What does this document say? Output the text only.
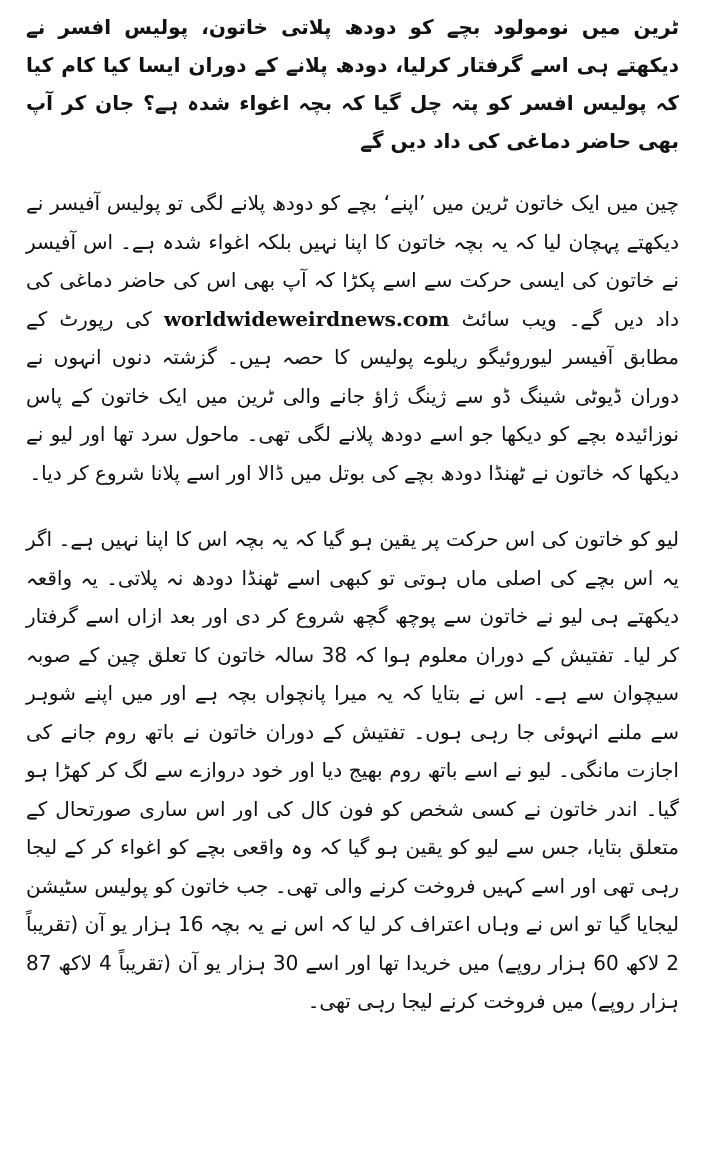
ٹرین میں نومولود بچے کو دودھ پلاتی خاتون، پولیس افسر نے دیکھتے ہی اسے گرفتار کرلیا، دودھ پلانے کے دوران ایسا کیا کام کیا کہ پولیس افسر کو پتہ چل گیا کہ بچہ اغواء شدہ ہے؟ جان کر آپ بھی حاضر دماغی کی داد دیں گے

چین میں ایک خاتون ٹرین میں ’اپنے‘ بچے کو دودھ پلانے لگی تو پولیس آفیسر نے دیکھتے پہچان لیا کہ یہ بچہ خاتون کا اپنا نہیں بلکہ اغواء شدہ ہے۔ اس آفیسر نے خاتون کی ایسی حرکت سے اسے پکڑا کہ آپ بھی اس کی حاضر دماغی کی داد دیں گے۔ ویب سائٹ worldwideweirdnews.com کی رپورٹ کے مطابق آفیسر لیوروئیگو ریلوے پولیس کا حصہ ہیں۔ گزشتہ دنوں انہوں نے دوران ڈیوٹی شینگ ڈو سے ژینگ ژاؤ جانے والی ٹرین میں ایک خاتون کے پاس نوزائیدہ بچے کو دیکھا جو اسے دودھ پلانے لگی تھی۔ ماحول سرد تھا اور لیو نے دیکھا کہ خاتون نے ٹھنڈا دودھ بچے کی بوتل میں ڈالا اور اسے پلانا شروع کر دیا۔

لیو کو خاتون کی اس حرکت پر یقین ہو گیا کہ یہ بچہ اس کا اپنا نہیں ہے۔ اگر یہ اس بچے کی اصلی ماں ہوتی تو کبھی اسے ٹھنڈا دودھ نہ پلاتی۔ یہ واقعہ دیکھتے ہی لیو نے خاتون سے پوچھ گچھ شروع کر دی اور بعد ازاں اسے گرفتار کر لیا۔ تفتیش کے دوران معلوم ہوا کہ 38 سالہ خاتون کا تعلق چین کے صوبہ سیچوان سے ہے۔ اس نے بتایا کہ یہ میرا پانچواں بچہ ہے اور میں اپنے شوہر سے ملنے انہوئی جا رہی ہوں۔ تفتیش کے دوران خاتون نے باتھ روم جانے کی اجازت مانگی۔ لیو نے اسے باتھ روم بھیج دیا اور خود دروازے سے لگ کر کھڑا ہو گیا۔ اندر خاتون نے کسی شخص کو فون کال کی اور اس ساری صورتحال کے متعلق بتایا، جس سے لیو کو یقین ہو گیا کہ وہ واقعی بچے کو اغواء کر کے لیجا رہی تھی اور اسے کہیں فروخت کرنے والی تھی۔ جب خاتون کو پولیس سٹیشن لیجایا گیا تو اس نے وہاں اعتراف کر لیا کہ اس نے یہ بچہ 16 ہزار یو آن (تقریباً 2 لاکھ 60 ہزار روپے) میں خریدا تھا اور اسے 30 ہزار یو آن (تقریباً 4 لاکھ 87 ہزار روپے) میں فروخت کرنے لیجا رہی تھی۔
